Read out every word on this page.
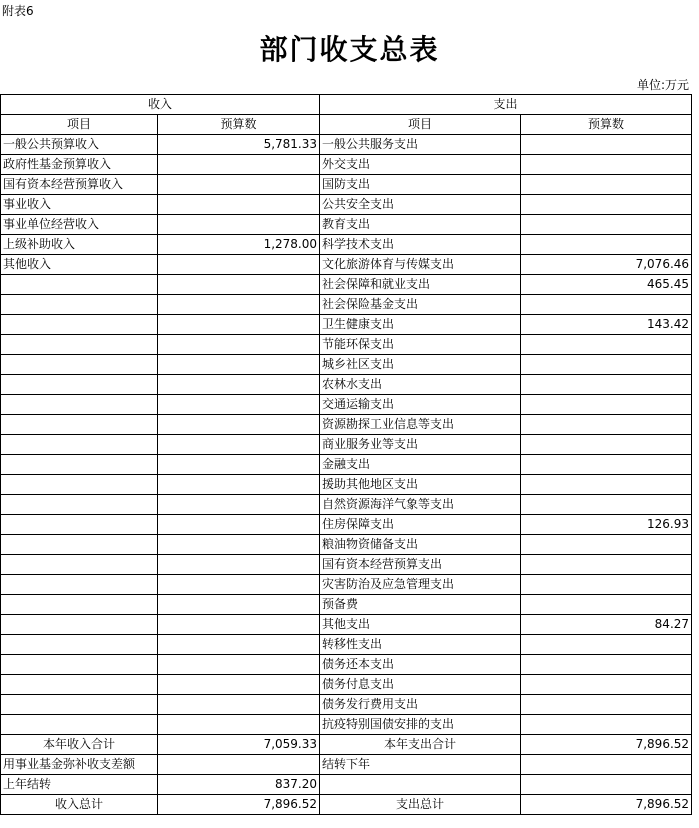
附表6
部门收支总表
单位:万元
收入		支出	
项目	预算数	项目	预算数
一般公共预算收入	5,781.33	一般公共服务支出	
政府性基金预算收入		外交支出	
国有资本经营预算收入		国防支出	
事业收入		公共安全支出	
事业单位经营收入		教育支出	
上级补助收入	1,278.00	科学技术支出	
其他收入		文化旅游体育与传媒支出	7,076.46
		社会保障和就业支出	465.45
		社会保险基金支出	
		卫生健康支出	143.42
		节能环保支出	
		城乡社区支出	
		农林水支出	
		交通运输支出	
		资源勘探工业信息等支出	
		商业服务业等支出	
		金融支出	
		援助其他地区支出	
		自然资源海洋气象等支出	
		住房保障支出	126.93
		粮油物资储备支出	
		国有资本经营预算支出	
		灾害防治及应急管理支出	
		预备费	
		其他支出	84.27
		转移性支出	
		债务还本支出	
		债务付息支出	
		债务发行费用支出	
		抗疫特别国债安排的支出	
本年收入合计	7,059.33	本年支出合计	7,896.52
用事业基金弥补收支差额		结转下年	
上年结转	837.20		
收入总计	7,896.52	支出总计	7,896.52
